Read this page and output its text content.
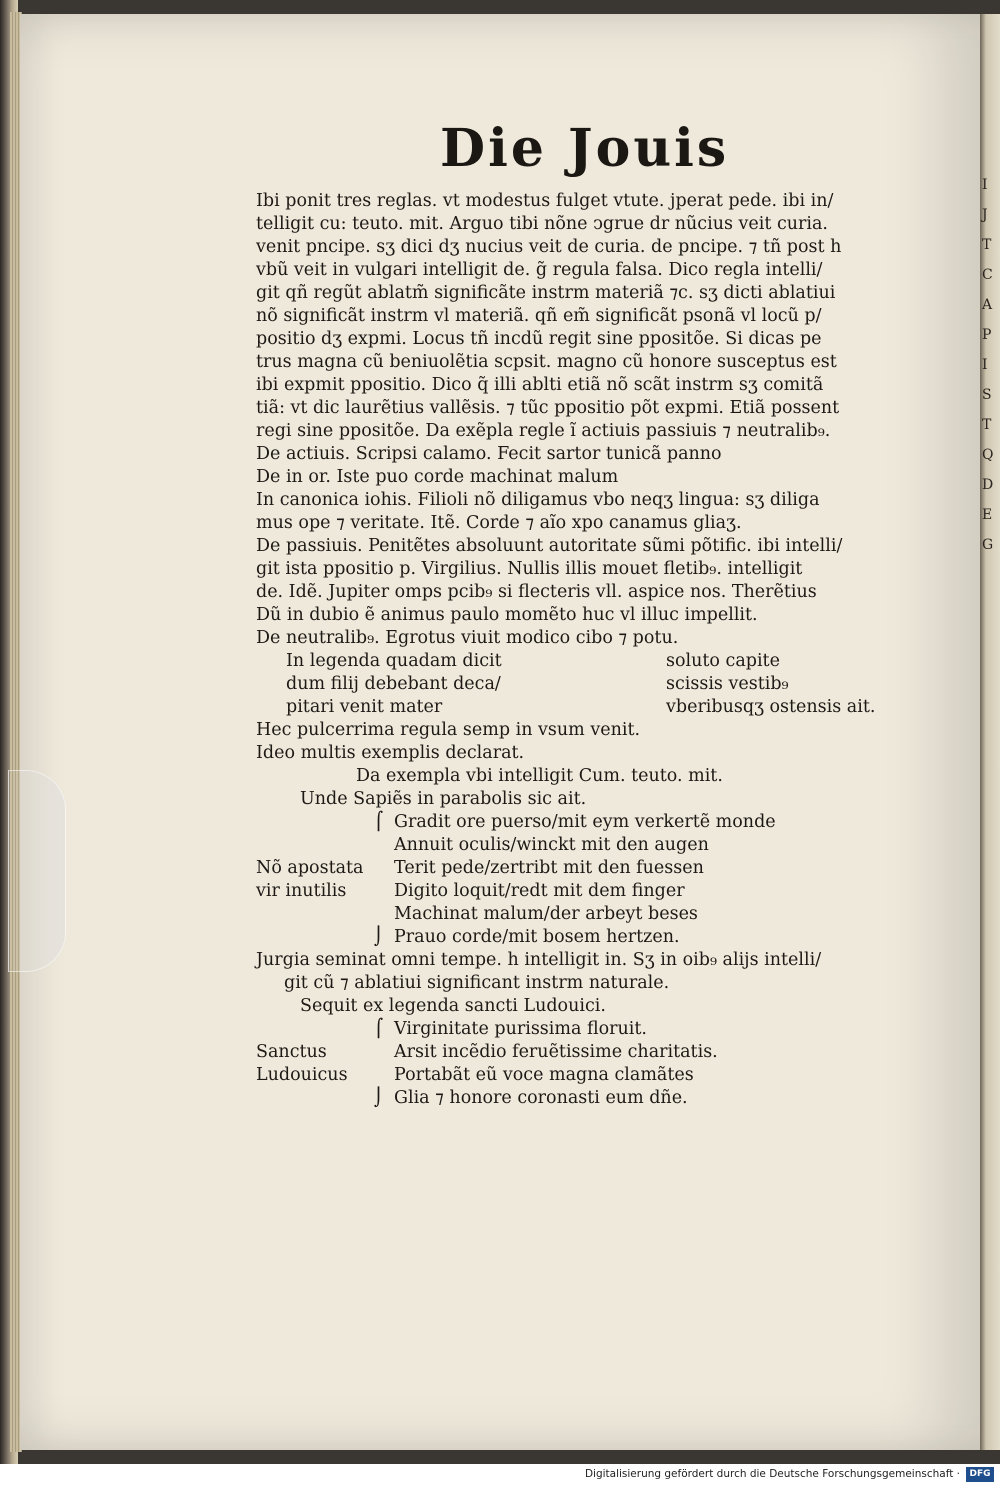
Die Jouis
Ibi ponit tres reglas. vt modestus fulget vtute. jperat pede. ibi in/
telligit cu: teuto. mit. Arguo tibi nõne ↄgrue dr nũcius veit curia.
venit pncipe. sʒ dici dʒ nucius veit de curia. de pncipe. ⁊ tñ post h
vbũ veit in vulgari intelligit de. g̃ regula falsa. Dico regla intelli/
git qñ regũt ablatm̃ significãte instrm materiã ⁊c. sʒ dicti ablatiui
nõ significãt instrm vl materiã. qñ em̃ significãt psonã vl locũ p/
positio dʒ expmi. Locus tñ incdũ regit sine ppositõe. Si dicas pe
trus magna cũ beniuolẽtia scpsit. magno cũ honore susceptus est
ibi expmit ppositio. Dico q̃ illi ablti etiã nõ scãt instrm sʒ comitã
tiã: vt dic laurẽtius vallẽsis. ⁊ tũc ppositio põt expmi. Etiã possent
regi sine ppositõe. Da exẽpla regle ĩ actiuis passiuis ⁊ neutralib₉.
De actiuis. Scripsi calamo. Fecit sartor tunicã panno
De in or. Iste puo corde machinat malum
In canonica iohis. Filioli nõ diligamus vbo neqʒ lingua: sʒ diliga
mus ope ⁊ veritate. Itẽ. Corde ⁊ aĩo xpo canamus gliaʒ.
De passiuis. Penitẽtes absoluunt autoritate sũmi põtific. ibi intelli/
git ista ppositio p. Virgilius. Nullis illis mouet fletib₉. intelligit
de. Idẽ. Jupiter omps pcib₉ si flecteris vll. aspice nos. Therẽtius
Dũ in dubio ẽ animus paulo momẽto huc vl illuc impellit.
De neutralib₉. Egrotus viuit modico cibo ⁊ potu.
In legenda quadam dicit	soluto capite
dum filij debebant deca/	scissis vestib₉
pitari venit mater	vberibusqʒ ostensis ait.
Hec pulcerrima regula semp in vsum venit.
Ideo multis exemplis declarat.
Da exempla vbi intelligit Cum. teuto. mit.
Unde Sapiẽs in parabolis sic ait.
⌠ Gradit ore puerso/mit eym verkertẽ monde
Annuit oculis/winckt mit den augen
Nõ apostata	Terit pede/zertribt mit den fuessen
vir inutilis	Digito loquit/redt mit dem finger
Machinat malum/der arbeyt beses
⌡ Prauo corde/mit bosem hertzen.
Jurgia seminat omni tempe. h intelligit in. Sʒ in oib₉ alijs intelli/
git cũ ⁊ ablatiui significant instrm naturale.
Sequit ex legenda sancti Ludouici.
⌠ Virginitate purissima floruit.
Sanctus	Arsit incẽdio feruẽtissime charitatis.
Ludouicus	Portabãt eũ voce magna clamãtes
⌡ Glia ⁊ honore coronasti eum dñe.
I
J
T
C
A
P
I
S
T
Q
D
E
G
Digitalisierung gefördert durch die Deutsche Forschungsgemeinschaft ·	DFG
